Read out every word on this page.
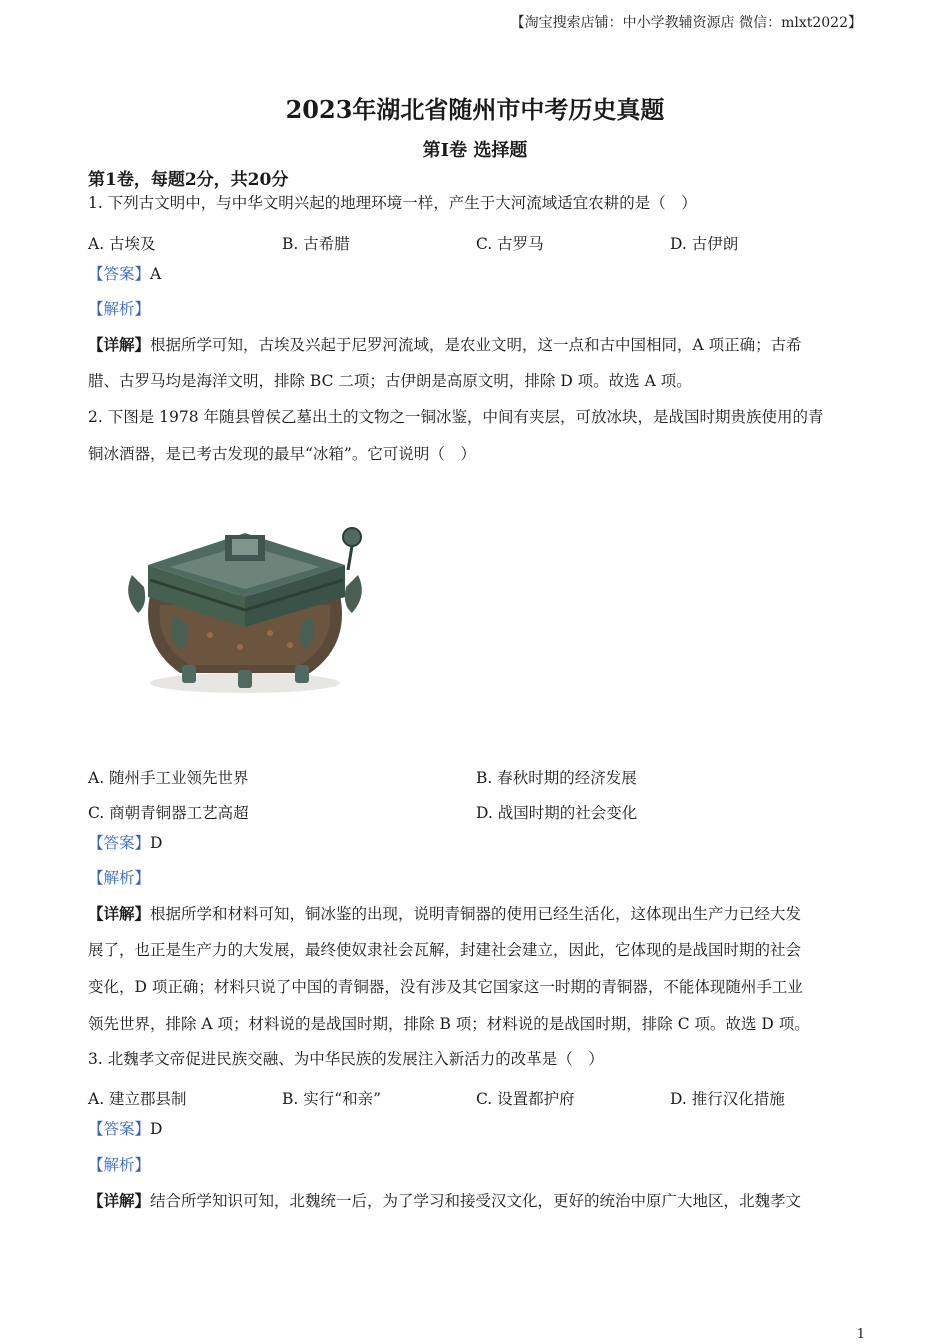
【淘宝搜索店铺：中小学教辅资源店 微信：mlxt2022】
2023年湖北省随州市中考历史真题
第Ⅰ卷 选择题
第1卷，每题2分，共20分
1. 下列古文明中，与中华文明兴起的地理环境一样，产生于大河流域适宜农耕的是（　）
A. 古埃及	B. 古希腊	C. 古罗马	D. 古伊朗
【答案】A
【解析】
【详解】根据所学可知，古埃及兴起于尼罗河流域，是农业文明，这一点和古中国相同，A 项正确；古希
腊、古罗马均是海洋文明，排除 BC 二项；古伊朗是高原文明，排除 D 项。故选 A 项。
2. 下图是 1978 年随县曾侯乙墓出土的文物之一铜冰鉴，中间有夹层，可放冰块，是战国时期贵族使用的青
铜冰酒器，是已考古发现的最早“冰箱”。它可说明（　）
A. 随州手工业领先世界	B. 春秋时期的经济发展
C. 商朝青铜器工艺高超	D. 战国时期的社会变化
【答案】D
【解析】
【详解】根据所学和材料可知，铜冰鉴的出现，说明青铜器的使用已经生活化，这体现出生产力已经大发
展了，也正是生产力的大发展，最终使奴隶社会瓦解，封建社会建立，因此，它体现的是战国时期的社会
变化，D 项正确；材料只说了中国的青铜器，没有涉及其它国家这一时期的青铜器，不能体现随州手工业
领先世界，排除 A 项；材料说的是战国时期，排除 B 项；材料说的是战国时期，排除 C 项。故选 D 项。
3. 北魏孝文帝促进民族交融、为中华民族的发展注入新活力的改革是（　）
A. 建立郡县制	B. 实行“和亲”	C. 设置都护府	D. 推行汉化措施
【答案】D
【解析】
【详解】结合所学知识可知，北魏统一后，为了学习和接受汉文化，更好的统治中原广大地区，北魏孝文
1
